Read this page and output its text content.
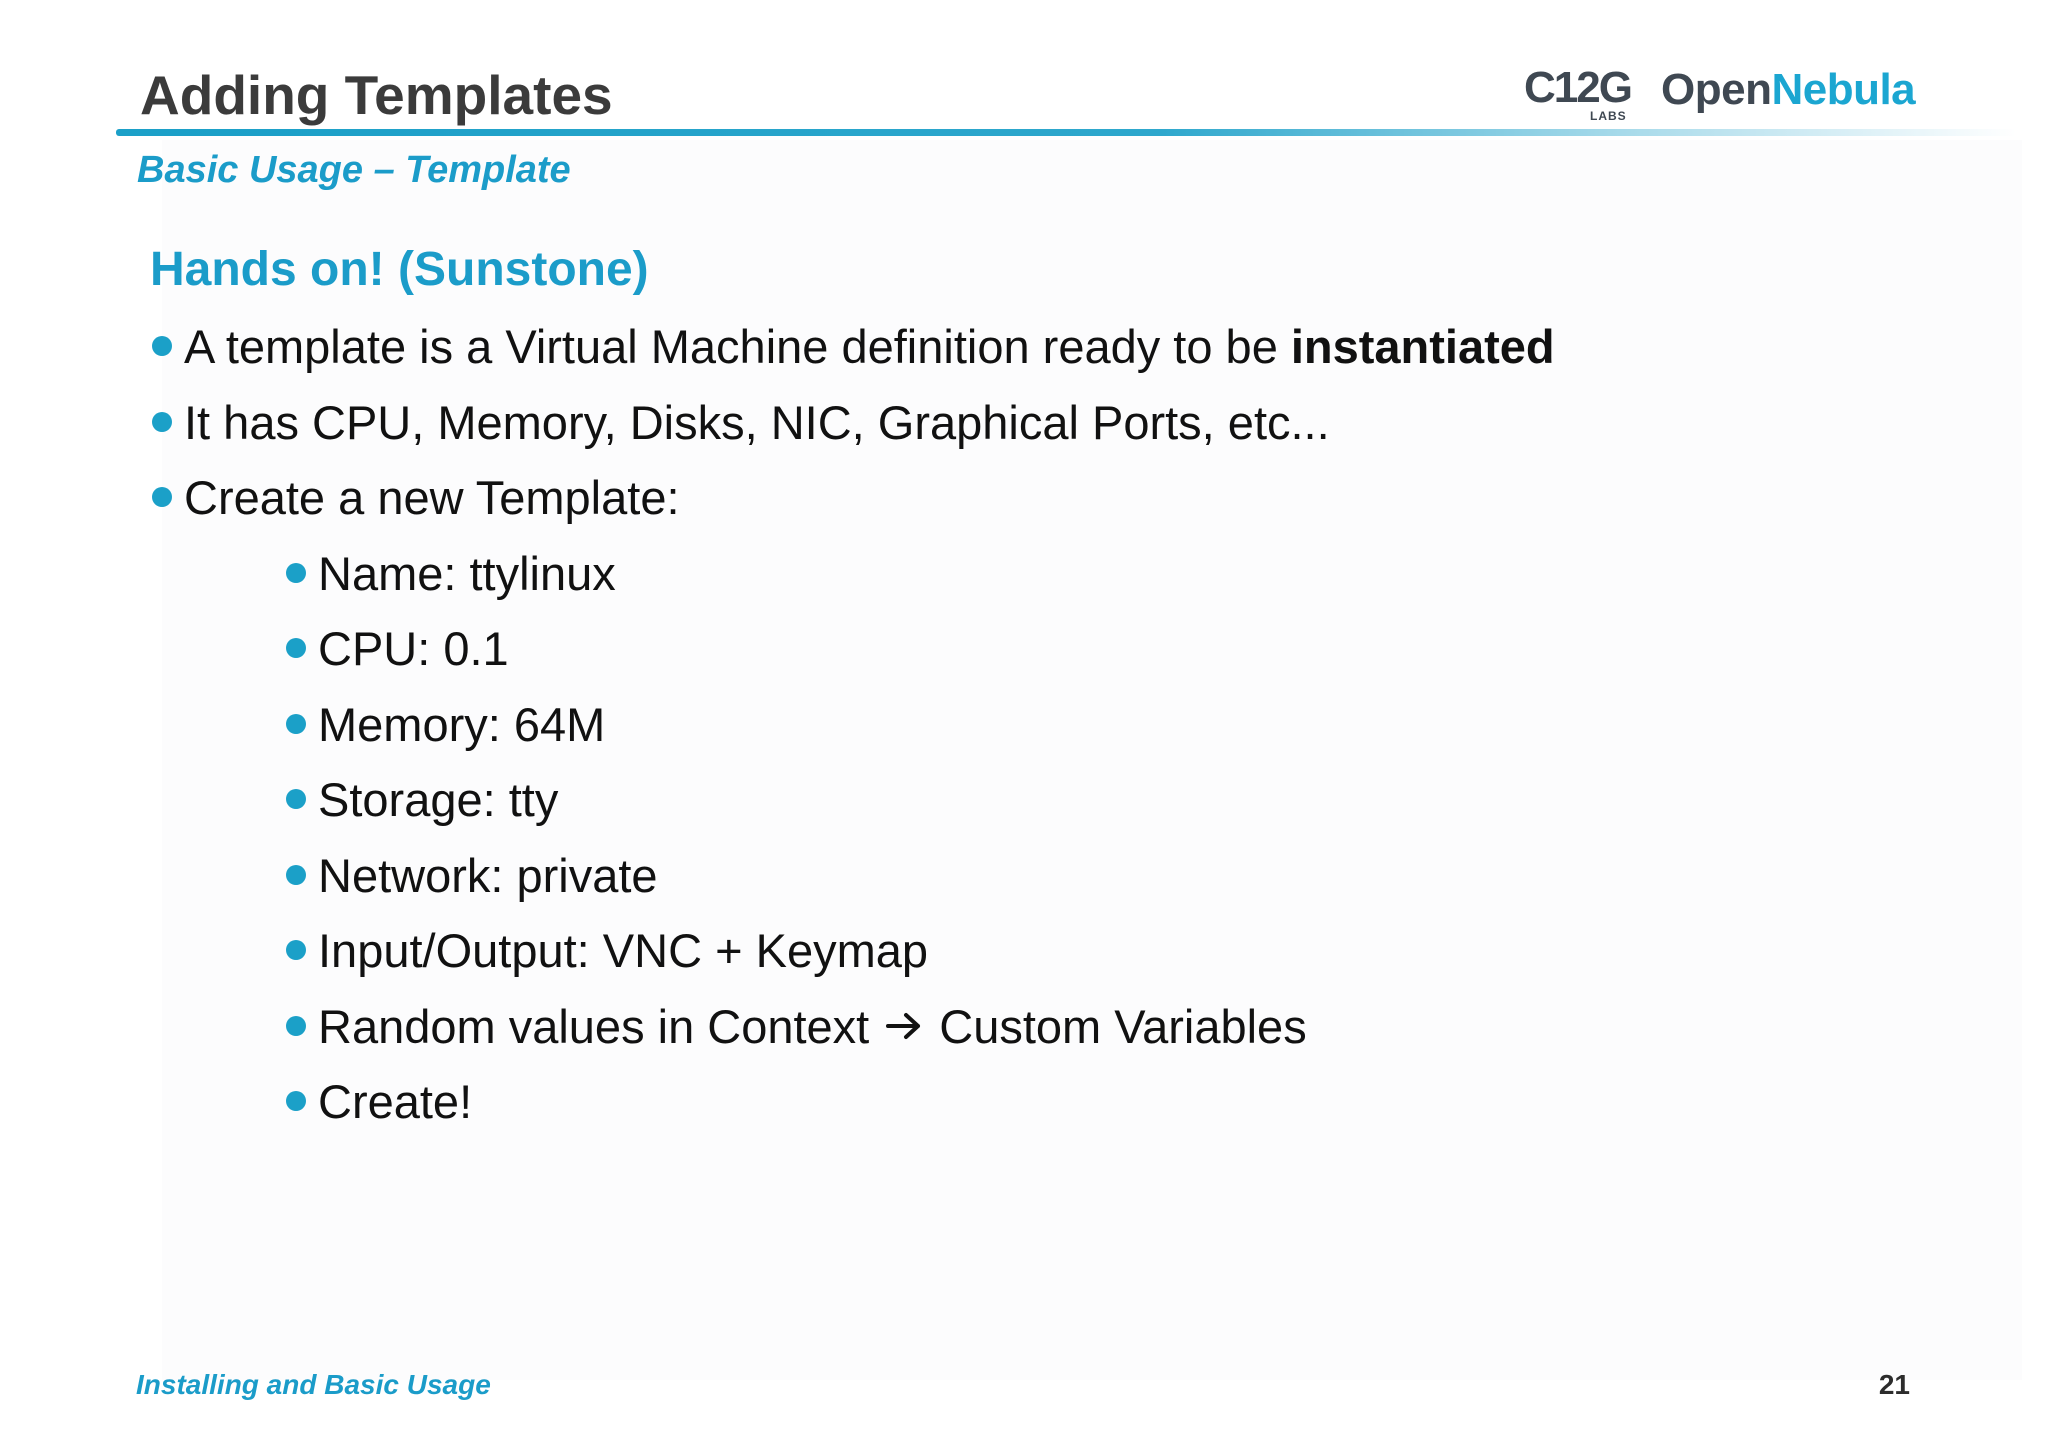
Adding Templates
Basic Usage – Template
C12G
LABS
OpenNebula
Hands on! (Sunstone)
A template is a Virtual Machine definition ready to be instantiated
It has CPU, Memory, Disks, NIC, Graphical Ports, etc...
Create a new Template:
Name: ttylinux
CPU: 0.1
Memory: 64M
Storage: tty
Network: private
Input/Output: VNC + Keymap
Random values in Context Custom Variables
Create!
Installing and Basic Usage	21
